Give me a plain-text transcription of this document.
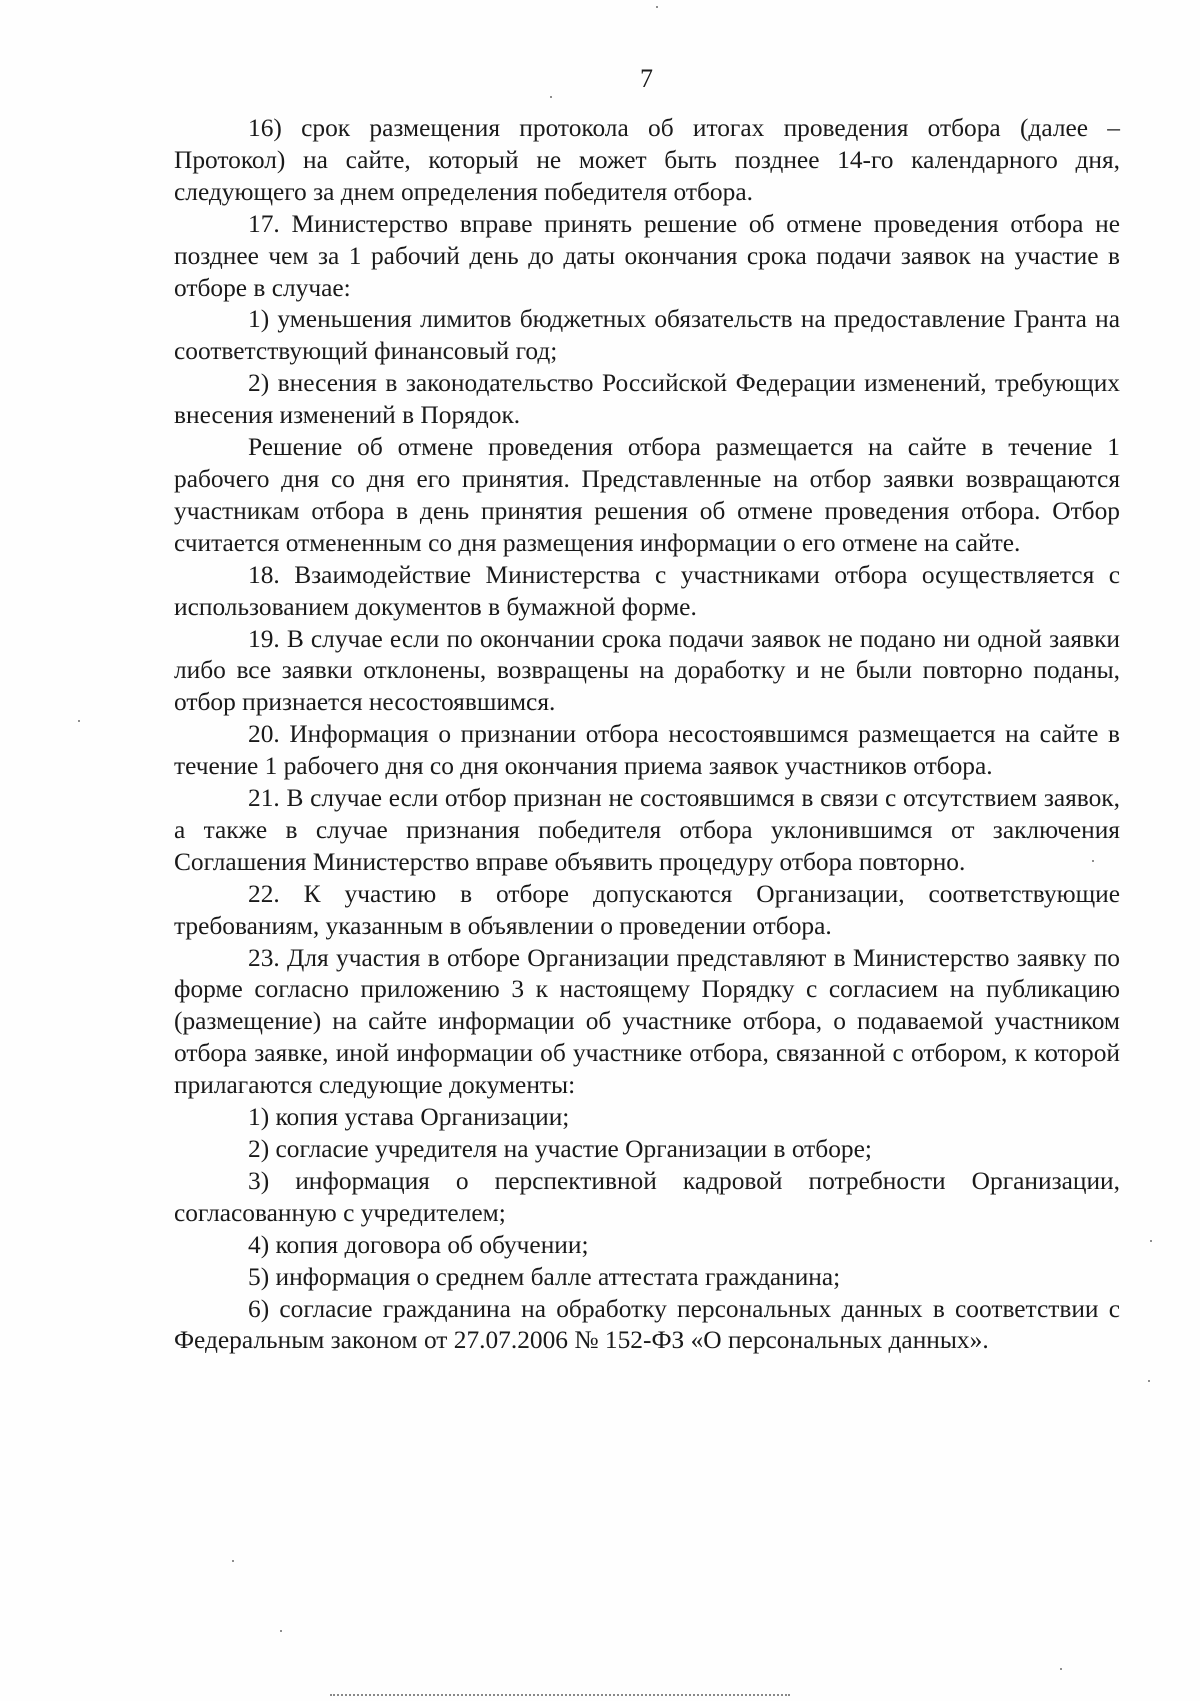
7

16) срок размещения протокола об итогах проведения отбора (далее – Протокол) на сайте, который не может быть позднее 14-го календарного дня, следующего за днем определения победителя отбора.

17. Министерство вправе принять решение об отмене проведения отбора не позднее чем за 1 рабочий день до даты окончания срока подачи заявок на участие в отборе в случае:

1) уменьшения лимитов бюджетных обязательств на предоставление Гранта на соответствующий финансовый год;

2) внесения в законодательство Российской Федерации изменений, требующих внесения изменений в Порядок.

Решение об отмене проведения отбора размещается на сайте в течение 1 рабочего дня со дня его принятия. Представленные на отбор заявки возвращаются участникам отбора в день принятия решения об отмене проведения отбора. Отбор считается отмененным со дня размещения информации о его отмене на сайте.

18. Взаимодействие Министерства с участниками отбора осуществляется с использованием документов в бумажной форме.

19. В случае если по окончании срока подачи заявок не подано ни одной заявки либо все заявки отклонены, возвращены на доработку и не были повторно поданы, отбор признается несостоявшимся.

20. Информация о признании отбора несостоявшимся размещается на сайте в течение 1 рабочего дня со дня окончания приема заявок участников отбора.

21. В случае если отбор признан не состоявшимся в связи с отсутствием заявок, а также в случае признания победителя отбора уклонившимся от заключения Соглашения Министерство вправе объявить процедуру отбора повторно.

22. К участию в отборе допускаются Организации, соответствующие требованиям, указанным в объявлении о проведении отбора.

23. Для участия в отборе Организации представляют в Министерство заявку по форме согласно приложению 3 к настоящему Порядку с согласием на публикацию (размещение) на сайте информации об участнике отбора, о подаваемой участником отбора заявке, иной информации об участнике отбора, связанной с отбором, к которой прилагаются следующие документы:

1) копия устава Организации;

2) согласие учредителя на участие Организации в отборе;

3) информация о перспективной кадровой потребности Организации, согласованную с учредителем;

4) копия договора об обучении;

5) информация о среднем балле аттестата гражданина;

6) согласие гражданина на обработку персональных данных в соответствии с Федеральным законом от 27.07.2006 № 152-ФЗ «О персональных данных».
